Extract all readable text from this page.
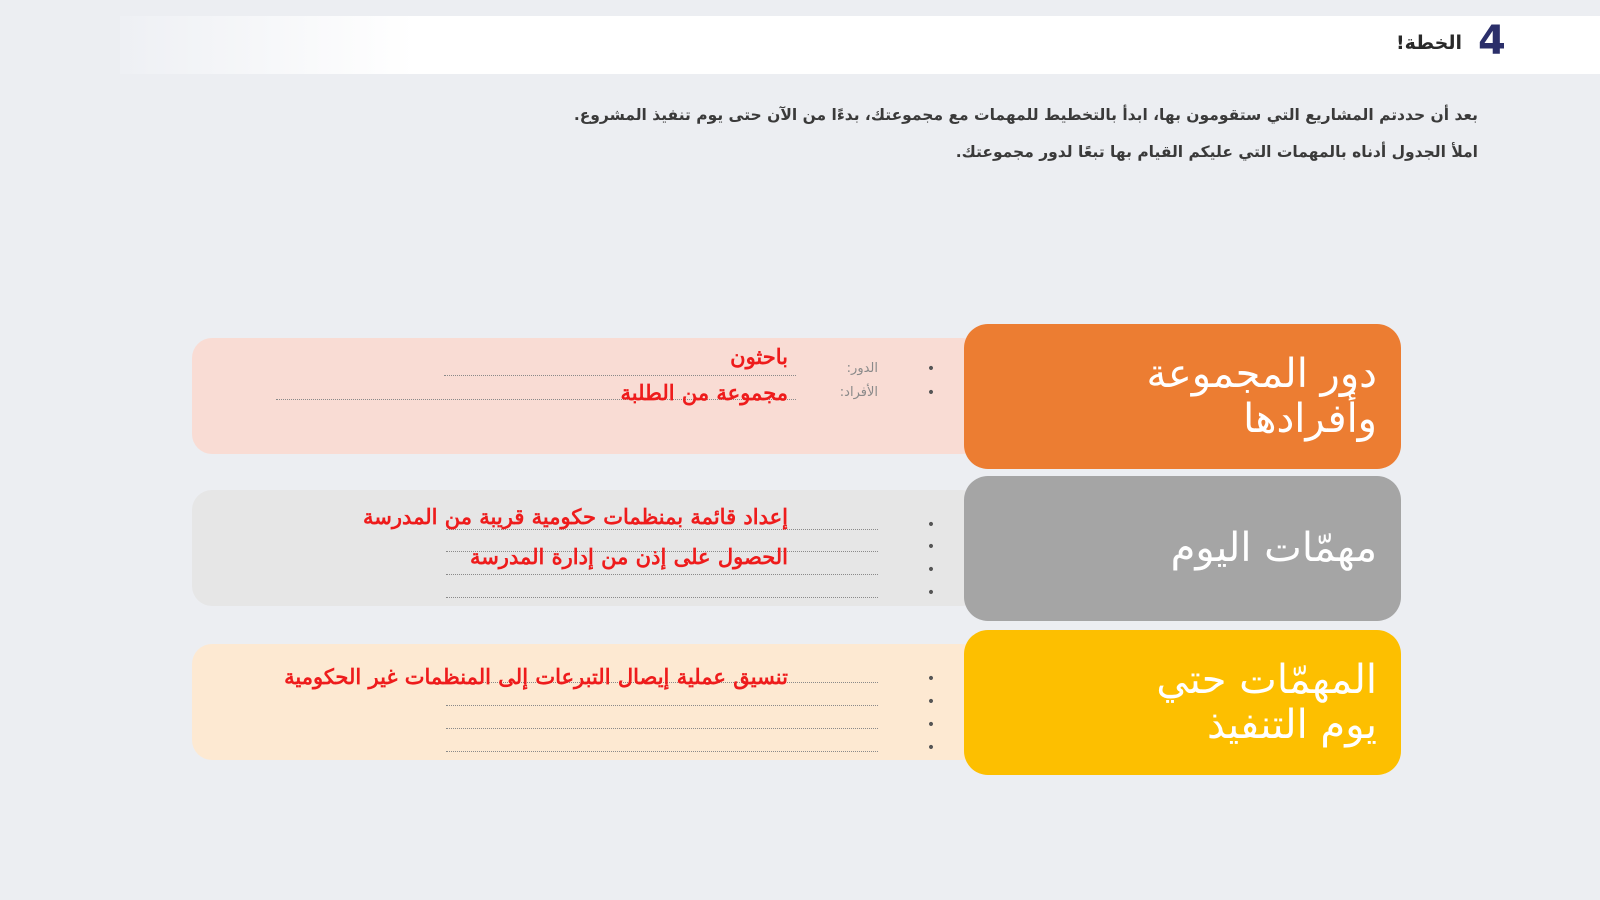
4
الخطة!
بعد أن حددتم المشاريع التي ستقومون بها، ابدأ بالتخطيط للمهمات مع مجموعتك، بدءًا من الآن حتى يوم تنفيذ المشروع.
املأ الجدول أدناه بالمهمات التي عليكم القيام بها تبعًا لدور مجموعتك.
دور المجموعة
وأفرادها
•
•
الدور:
الأفراد:
باحثون
مجموعة من الطلبة
مهمّات اليوم
•
•
•
•
إعداد قائمة بمنظمات حكومية قريبة من المدرسة
الحصول على إذن من إدارة المدرسة
المهمّات حتي
يوم التنفيذ
•
•
•
•
تنسيق عملية إيصال التبرعات إلى المنظمات غير الحكومية
